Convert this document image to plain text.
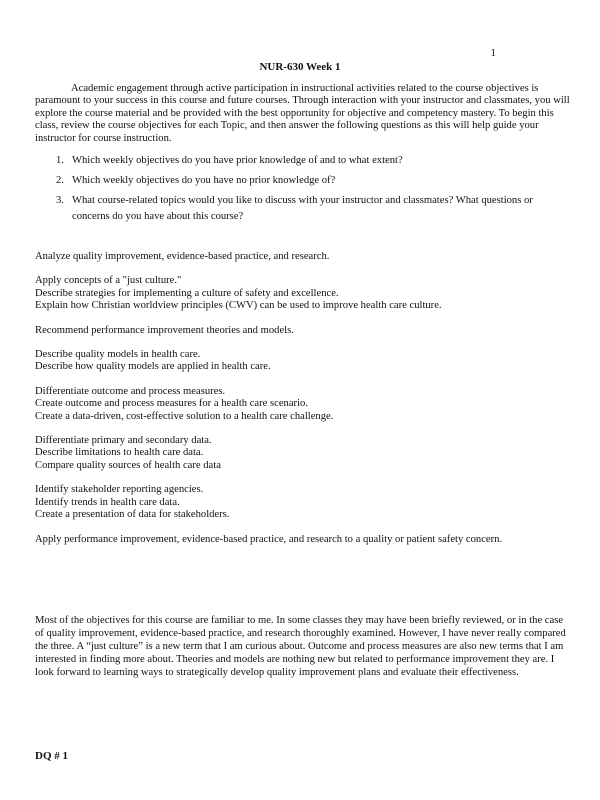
1
NUR-630 Week 1

Academic engagement through active participation in instructional activities related to the course objectives is paramount to your success in this course and future courses. Through interaction with your instructor and classmates, you will explore the course material and be provided with the best opportunity for objective and competency mastery. To begin this class, review the course objectives for each Topic, and then answer the following questions as this will help guide your instructor for course instruction.

1. Which weekly objectives do you have prior knowledge of and to what extent?
2. Which weekly objectives do you have no prior knowledge of?
3. What course-related topics would you like to discuss with your instructor and classmates? What questions or concerns do you have about this course?
Analyze quality improvement, evidence-based practice, and research.
Apply concepts of a "just culture."
Describe strategies for implementing a culture of safety and excellence.
Explain how Christian worldview principles (CWV) can be used to improve health care culture.
Recommend performance improvement theories and models.
Describe quality models in health care.
Describe how quality models are applied in health care.
Differentiate outcome and process measures.
Create outcome and process measures for a health care scenario.
Create a data-driven, cost-effective solution to a health care challenge.
Differentiate primary and secondary data.
Describe limitations to health care data.
Compare quality sources of health care data
Identify stakeholder reporting agencies.
Identify trends in health care data.
Create a presentation of data for stakeholders.
Apply performance improvement, evidence-based practice, and research to a quality or patient safety concern.

Most of the objectives for this course are familiar to me. In some classes they may have been briefly reviewed, or in the case of quality improvement, evidence-based practice, and research thoroughly examined. However, I have never really compared the three. A “just culture” is a new term that I am curious about. Outcome and process measures are also new terms that I am interested in finding more about. Theories and models are nothing new but related to performance improvement they are. I look forward to learning ways to strategically develop quality improvement plans and evaluate their effectiveness.

DQ # 1
